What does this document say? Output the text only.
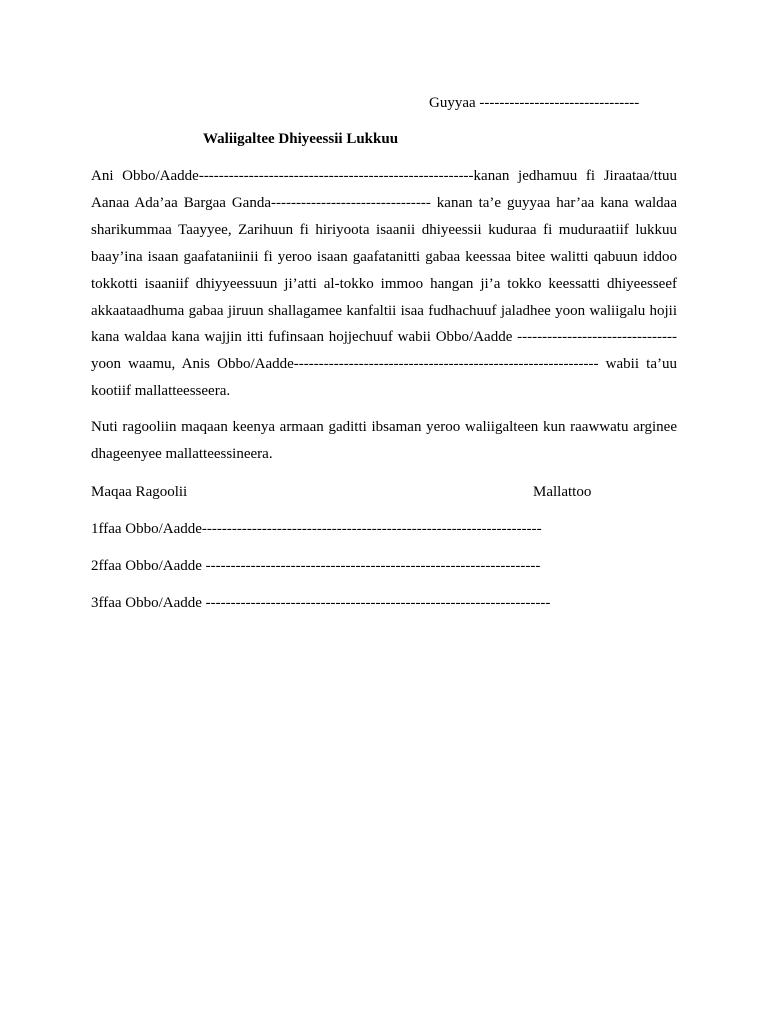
Guyyaa --------------------------------
Waliigaltee Dhiyeessii Lukkuu

Ani Obbo/Aadde-------------------------------------------------------kanan jedhamuu fi Jiraataa/ttuu Aanaa Ada’aa Bargaa Ganda-------------------------------- kanan ta’e guyyaa har’aa kana waldaa sharikummaa Taayyee, Zarihuun fi hiriyoota isaanii dhiyeessii kuduraa fi muduraatiif lukkuu baay’ina isaan gaafataniinii fi yeroo isaan gaafatanitti gabaa keessaa bitee walitti qabuun iddoo tokkotti isaaniif dhiyyeessuun ji’atti al-tokko immoo hangan ji’a tokko keessatti dhiyeesseef akkaataadhuma gabaa jiruun shallagamee kanfaltii isaa fudhachuuf jaladhee yoon waliigalu hojii kana waldaa kana wajjin itti fufinsaan hojjechuuf wabii Obbo/Aadde -------------------------------- yoon waamu, Anis Obbo/Aadde------------------------------------------------------------- wabii ta’uu kootiif mallatteesseera.

Nuti ragooliin maqaan keenya armaan gaditti ibsaman yeroo waliigalteen kun raawwatu arginee dhageenyee mallatteessineera.

Maqaa Ragoolii	Mallattoo
1ffaa Obbo/Aadde--------------------------------------------------------------------
2ffaa Obbo/Aadde -------------------------------------------------------------------
3ffaa Obbo/Aadde ---------------------------------------------------------------------
